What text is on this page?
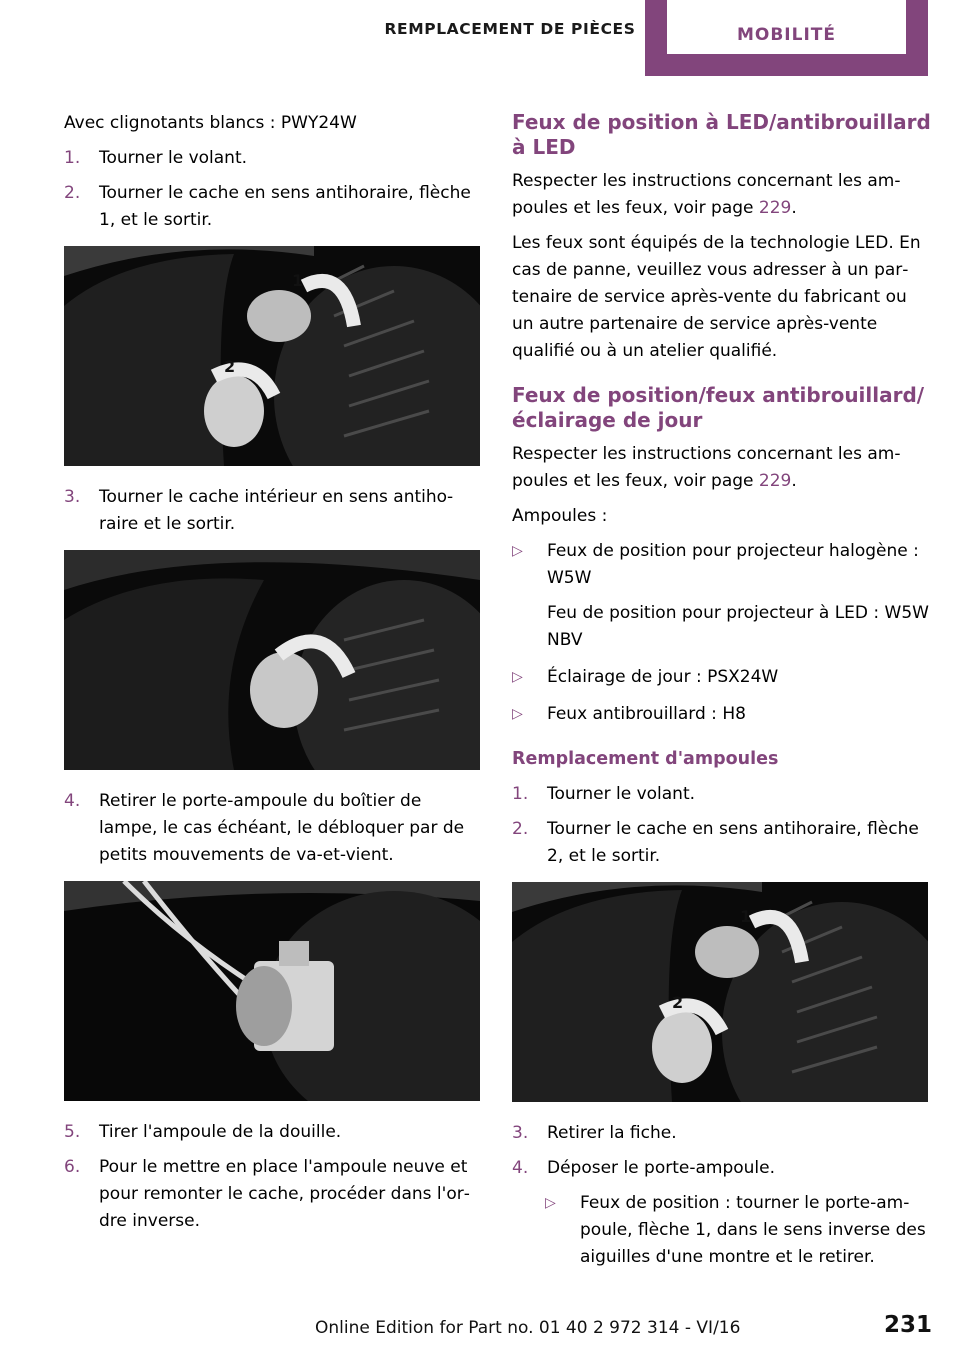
REMPLACEMENT DE PIÈCES	MOBILITÉ

Avec clignotants blancs : PWY24W

1. Tourner le volant.
2. Tourner le cache en sens antihoraire, flèche 1, et le sortir.
1
2
3. Tourner le cache intérieur en sens antihoraire et le sortir.
4. Retirer le porte-ampoule du boîtier de lampe, le cas échéant, le débloquer par de petits mouvements de va-et-vient.
5. Tirer l'ampoule de la douille.
6. Pour le mettre en place l'ampoule neuve et pour remonter le cache, procéder dans l'ordre inverse.
Feux de position à LED/antibrouillard à LED

Respecter les instructions concernant les ampoules et les feux, voir page 229.

Les feux sont équipés de la technologie LED. En cas de panne, veuillez vous adresser à un partenaire de service après-vente du fabricant ou un autre partenaire de service après-vente qualifié ou à un atelier qualifié.

Feux de position/feux antibrouillard/ éclairage de jour

Respecter les instructions concernant les ampoules et les feux, voir page 229.

Ampoules :

▷ Feux de position pour projecteur halogène : W5W
Feu de position pour projecteur à LED : W5W NBV
▷ Éclairage de jour : PSX24W
▷ Feux antibrouillard : H8
Remplacement d'ampoules
1. Tourner le volant.
2. Tourner le cache en sens antihoraire, flèche 2, et le sortir.
1
2
3. Retirer la fiche.
4. Déposer le porte-ampoule.
▷ Feux de position : tourner le porte-ampoule, flèche 1, dans le sens inverse des aiguilles d'une montre et le retirer.
Online Edition for Part no. 01 40 2 972 314 - VI/16	231
